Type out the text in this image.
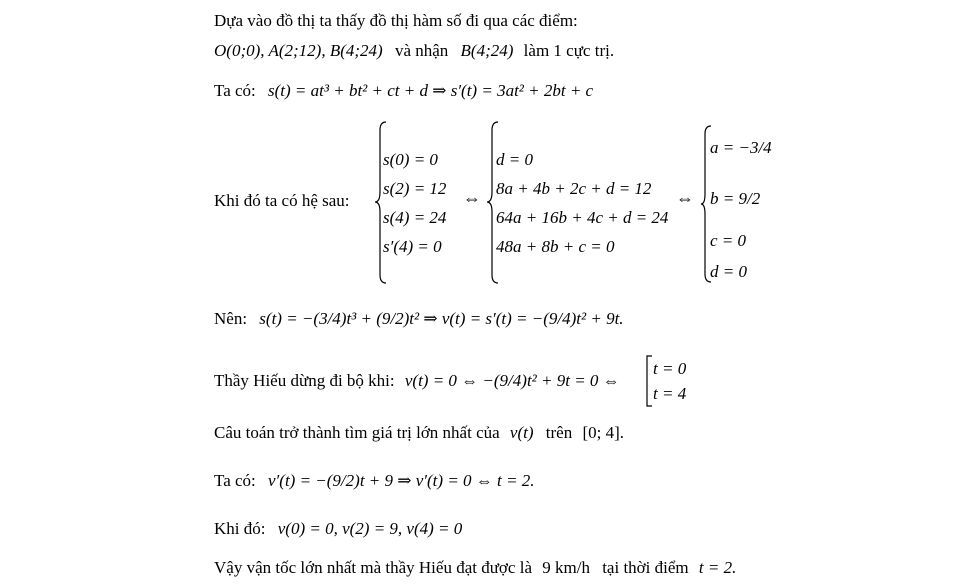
Dựa vào đồ thị ta thấy đồ thị hàm số đi qua các điểm:
O(0;0), A(2;12), B(4;24) và nhận B(4;24) làm 1 cực trị.
Ta có: s(t) = at³ + bt² + ct + d ⇒ s′(t) = 3at² + 2bt + c
Khi đó ta có hệ sau:
s(0) = 0
s(2) = 12
s(4) = 24
s′(4) = 0
⇔
d = 0
8a + 4b + 2c + d = 12
64a + 16b + 4c + d = 24
48a + 8b + c = 0
⇔
a = −3/4
b = 9/2
c = 0
d = 0
Nên: s(t) = −(3/4)t³ + (9/2)t² ⇒ v(t) = s′(t) = −(9/4)t² + 9t.
Thầy Hiếu dừng đi bộ khi: v(t) = 0 ⇔ −(9/4)t² + 9t = 0 ⇔
t = 0
t = 4
Câu toán trở thành tìm giá trị lớn nhất của v(t) trên [0; 4].
Ta có: v′(t) = −(9/2)t + 9 ⇒ v′(t) = 0 ⇔ t = 2.
Khi đó: v(0) = 0, v(2) = 9, v(4) = 0
Vậy vận tốc lớn nhất mà thầy Hiếu đạt được là 9 km/h tại thời điểm t = 2.
